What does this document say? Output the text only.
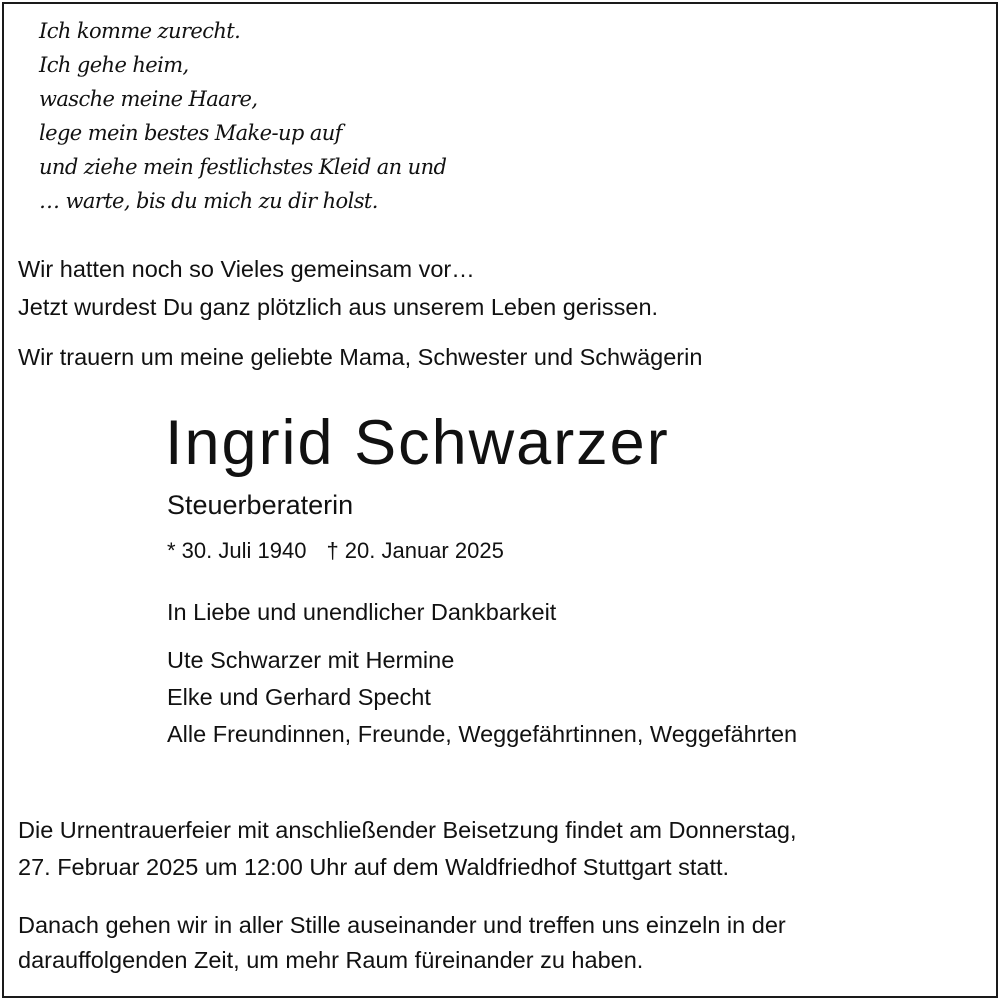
Ich komme zurecht.
Ich gehe heim,
wasche meine Haare,
lege mein bestes Make-up auf
und ziehe mein festlichstes Kleid an und
… warte, bis du mich zu dir holst.
Wir hatten noch so Vieles gemeinsam vor…
Jetzt wurdest Du ganz plötzlich aus unserem Leben gerissen.
Wir trauern um meine geliebte Mama, Schwester und Schwägerin
Ingrid Schwarzer
Steuerberaterin
* 30. Juli 1940 † 20. Januar 2025
In Liebe und unendlicher Dankbarkeit
Ute Schwarzer mit Hermine
Elke und Gerhard Specht
Alle Freundinnen, Freunde, Weggefährtinnen, Weggefährten
Die Urnentrauerfeier mit anschließender Beisetzung findet am Donnerstag,
27. Februar 2025 um 12:00 Uhr auf dem Waldfriedhof Stuttgart statt.
Danach gehen wir in aller Stille auseinander und treffen uns einzeln in der
darauffolgenden Zeit, um mehr Raum füreinander zu haben.
